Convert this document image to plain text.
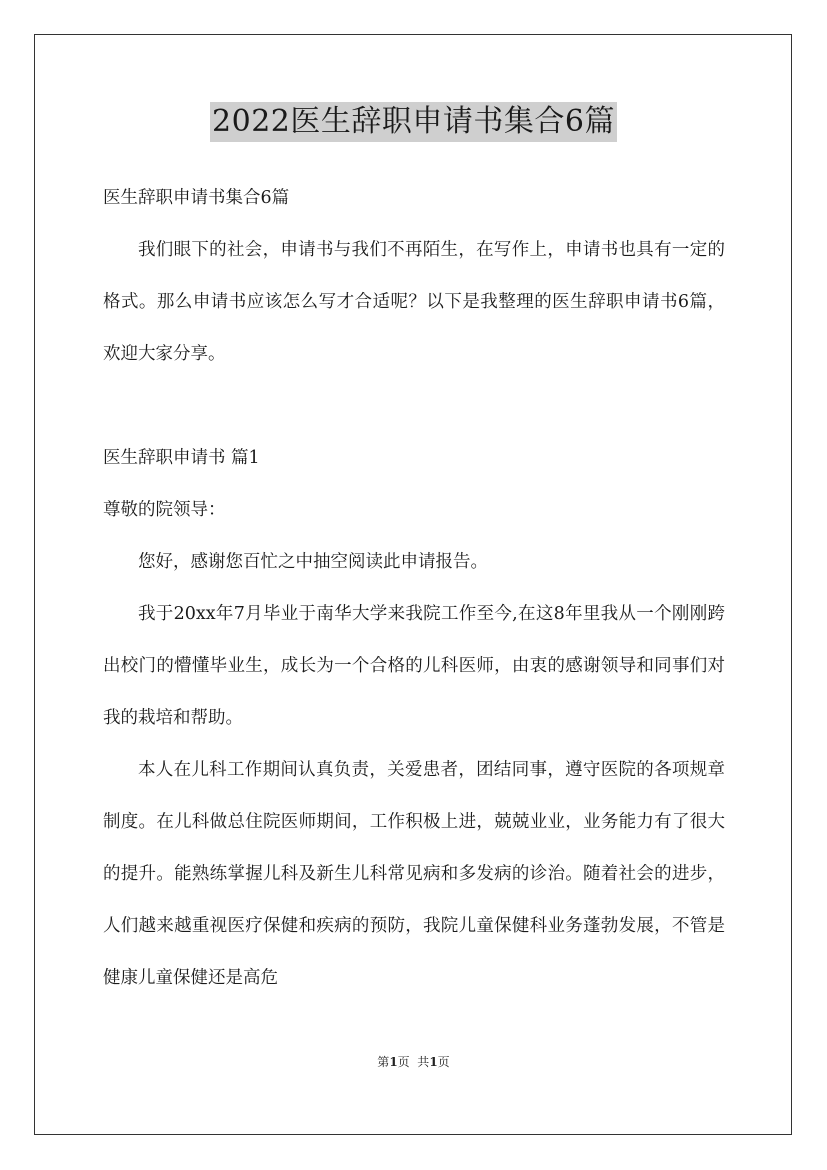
2022医生辞职申请书集合6篇

医生辞职申请书集合6篇

我们眼下的社会，申请书与我们不再陌生，在写作上，申请书也具有一定的格式。那么申请书应该怎么写才合适呢？以下是我整理的医生辞职申请书6篇，欢迎大家分享。

医生辞职申请书 篇1

尊敬的院领导：

您好，感谢您百忙之中抽空阅读此申请报告。

我于20xx年7月毕业于南华大学来我院工作至今,在这8年里我从一个刚刚跨出校门的懵懂毕业生，成长为一个合格的儿科医师，由衷的感谢领导和同事们对我的栽培和帮助。

本人在儿科工作期间认真负责，关爱患者，团结同事，遵守医院的各项规章制度。在儿科做总住院医师期间，工作积极上进，兢兢业业，业务能力有了很大的提升。能熟练掌握儿科及新生儿科常见病和多发病的诊治。随着社会的进步，人们越来越重视医疗保健和疾病的预防，我院儿童保健科业务蓬勃发展，不管是健康儿童保健还是高危

第1页  共1页
